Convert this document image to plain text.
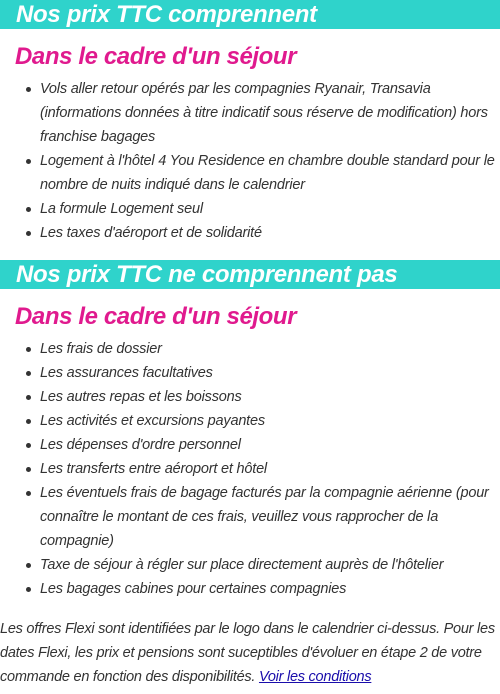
Nos prix TTC comprennent
Dans le cadre d'un séjour
Vols aller retour opérés par les compagnies Ryanair, Transavia (informations données à titre indicatif sous réserve de modification) hors franchise bagages
Logement à l'hôtel 4 You Residence en chambre double standard pour le nombre de nuits indiqué dans le calendrier
La formule Logement seul
Les taxes d'aéroport et de solidarité
Nos prix TTC ne comprennent pas
Dans le cadre d'un séjour
Les frais de dossier
Les assurances facultatives
Les autres repas et les boissons
Les activités et excursions payantes
Les dépenses d'ordre personnel
Les transferts entre aéroport et hôtel
Les éventuels frais de bagage facturés par la compagnie aérienne (pour connaître le montant de ces frais, veuillez vous rapprocher de la compagnie)
Taxe de séjour à régler sur place directement auprès de l'hôtelier
Les bagages cabines pour certaines compagnies

Les offres Flexi sont identifiées par le logo dans le calendrier ci-dessus. Pour les dates Flexi, les prix et pensions sont suceptibles d'évoluer en étape 2 de votre commande en fonction des disponibilités. Voir les conditions
